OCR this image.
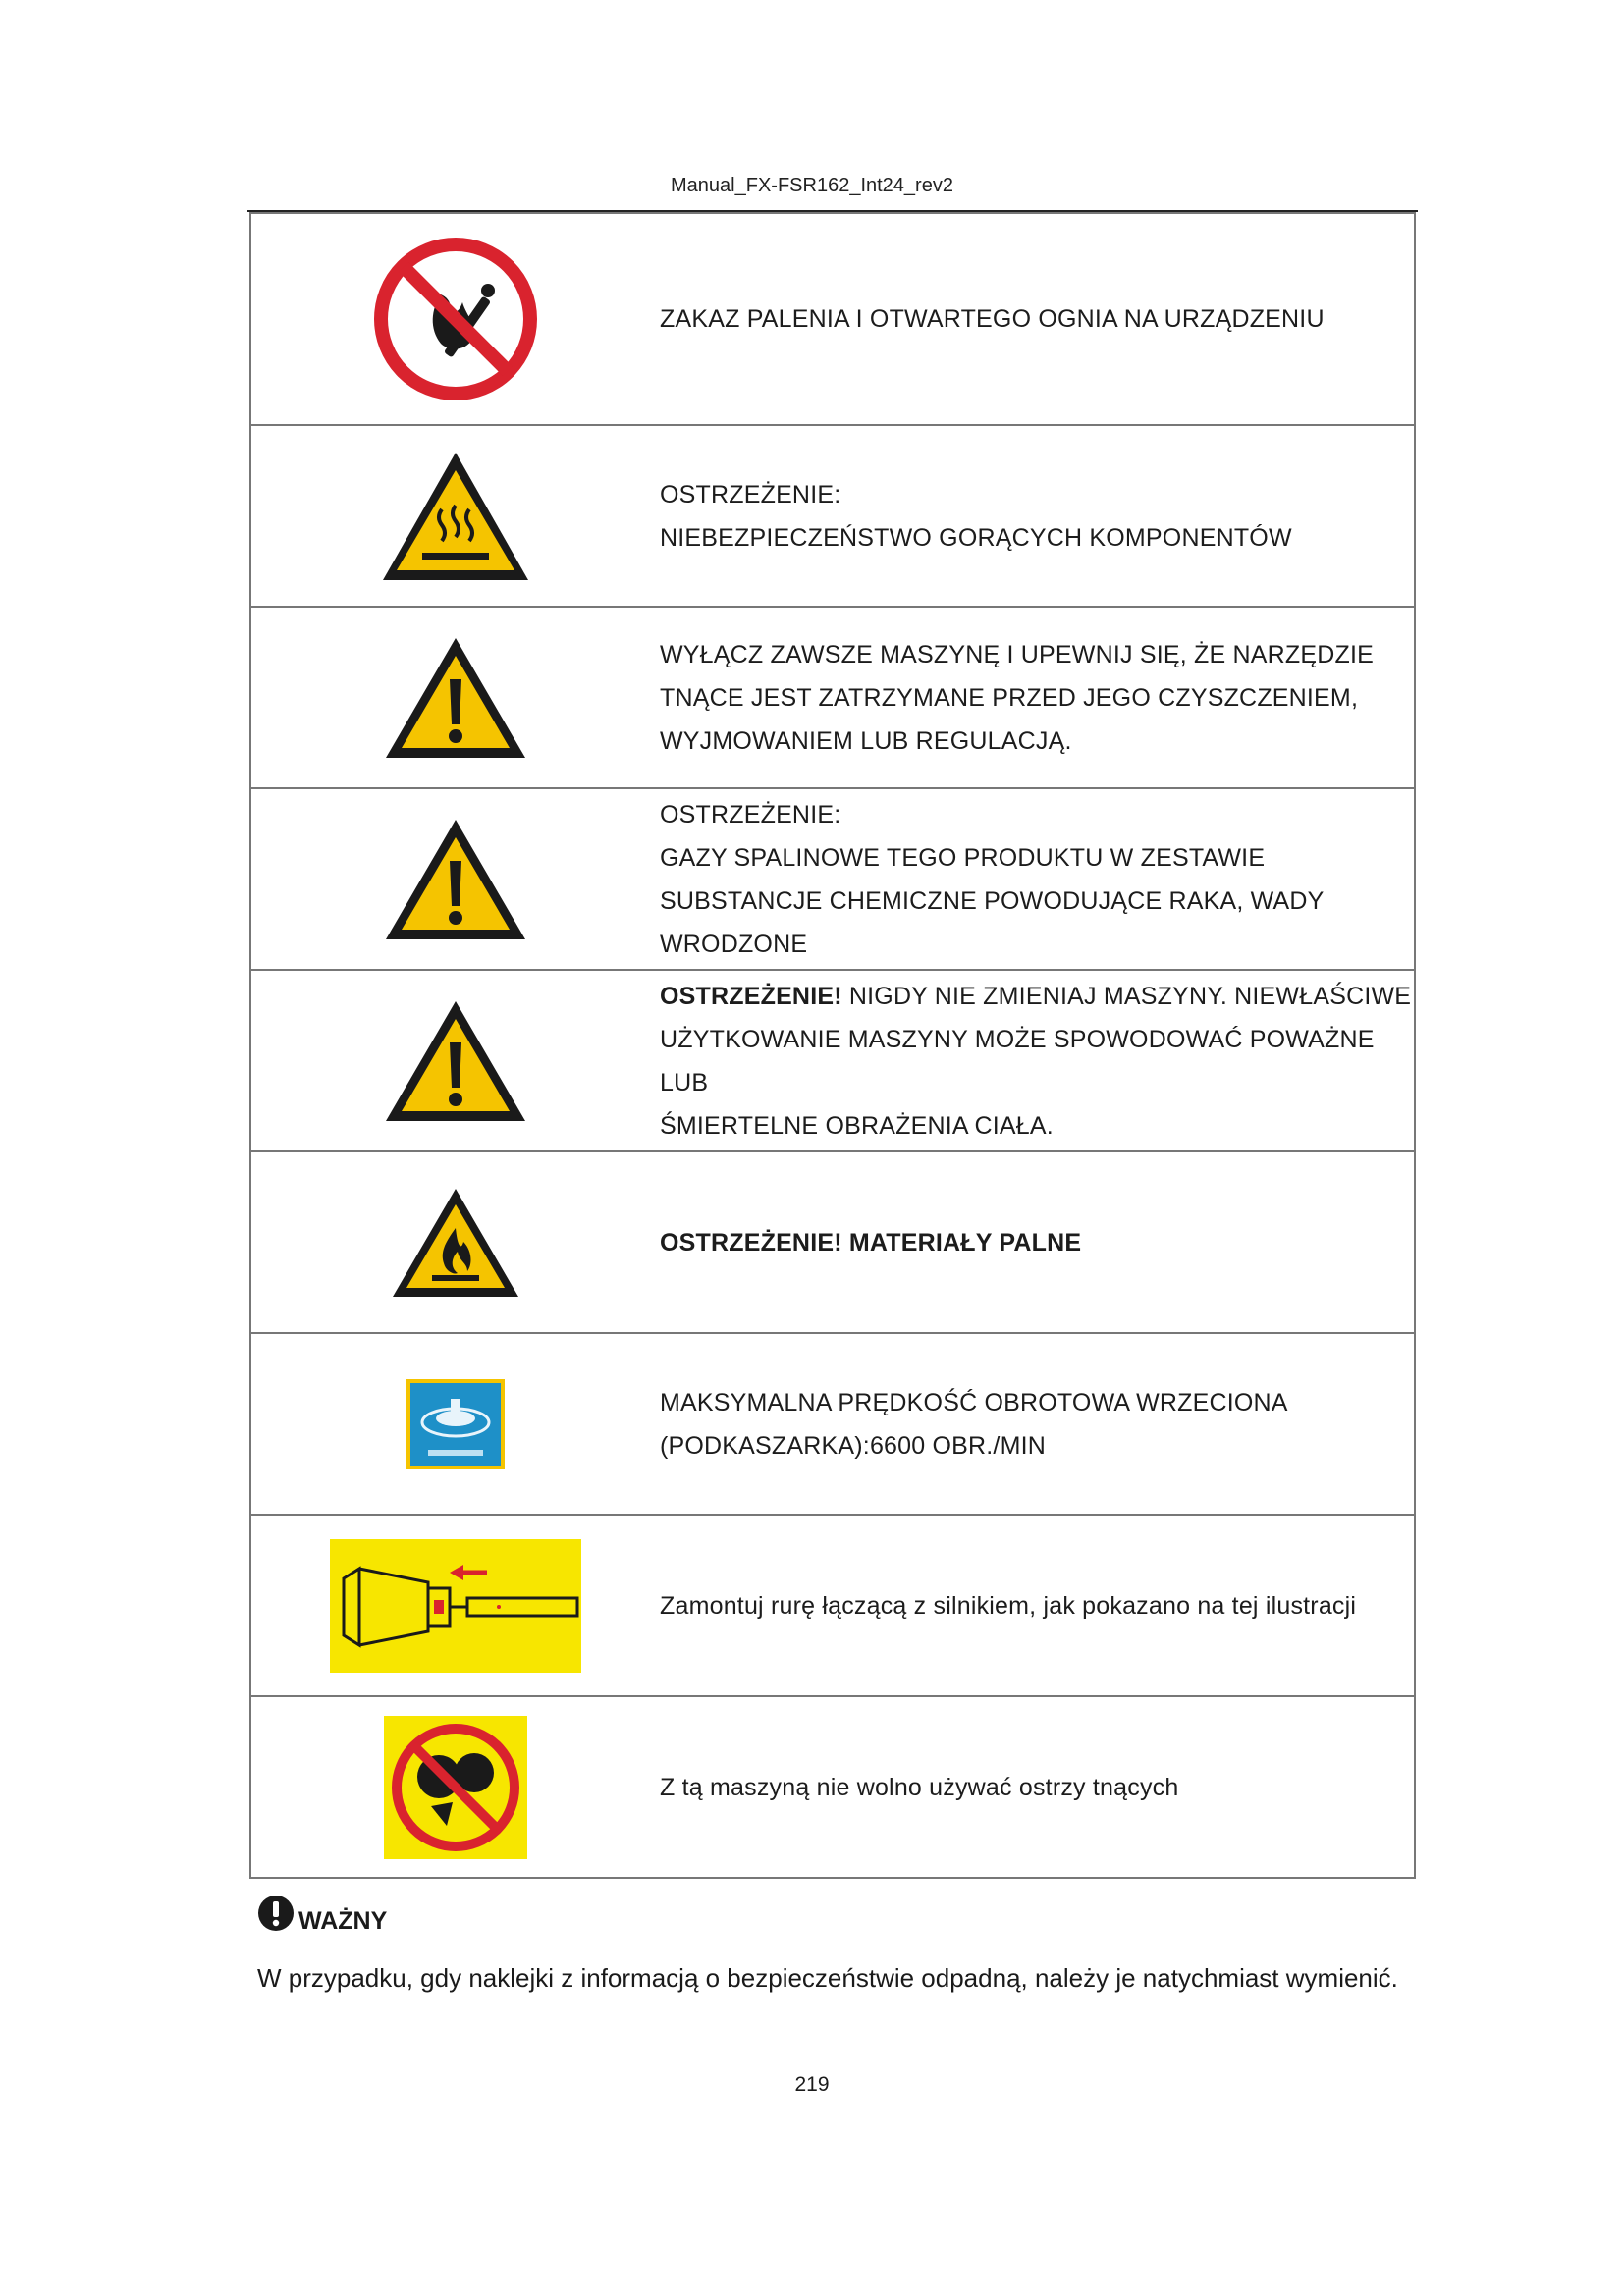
Manual_FX-FSR162_Int24_rev2

ZAKAZ PALENIA I OTWARTEGO OGNIA NA URZĄDZENIU

OSTRZEŻENIE:
NIEBEZPIECZEŃSTWO GORĄCYCH KOMPONENTÓW

WYŁĄCZ ZAWSZE MASZYNĘ I UPEWNIJ SIĘ, ŻE NARZĘDZIE
TNĄCE JEST ZATRZYMANE PRZED JEGO CZYSZCZENIEM,
WYJMOWANIEM LUB REGULACJĄ.

OSTRZEŻENIE:
GAZY SPALINOWE TEGO PRODUKTU W ZESTAWIE
SUBSTANCJE CHEMICZNE POWODUJĄCE RAKA, WADY
WRODZONE

OSTRZEŻENIE! NIGDY NIE ZMIENIAJ MASZYNY. NIEWŁAŚCIWE
UŻYTKOWANIE MASZYNY MOŻE SPOWODOWAĆ POWAŻNE LUB
ŚMIERTELNE OBRAŻENIA CIAŁA.

OSTRZEŻENIE! MATERIAŁY PALNE

MAKSYMALNA PRĘDKOŚĆ OBROTOWA WRZECIONA
(PODKASZARKA):6600 OBR./MIN

Zamontuj rurę łączącą z silnikiem, jak pokazano na tej ilustracji

Z tą maszyną nie wolno używać ostrzy tnących
WAŻNY
W przypadku, gdy naklejki z informacją o bezpieczeństwie odpadną, należy je natychmiast wymienić.
219
